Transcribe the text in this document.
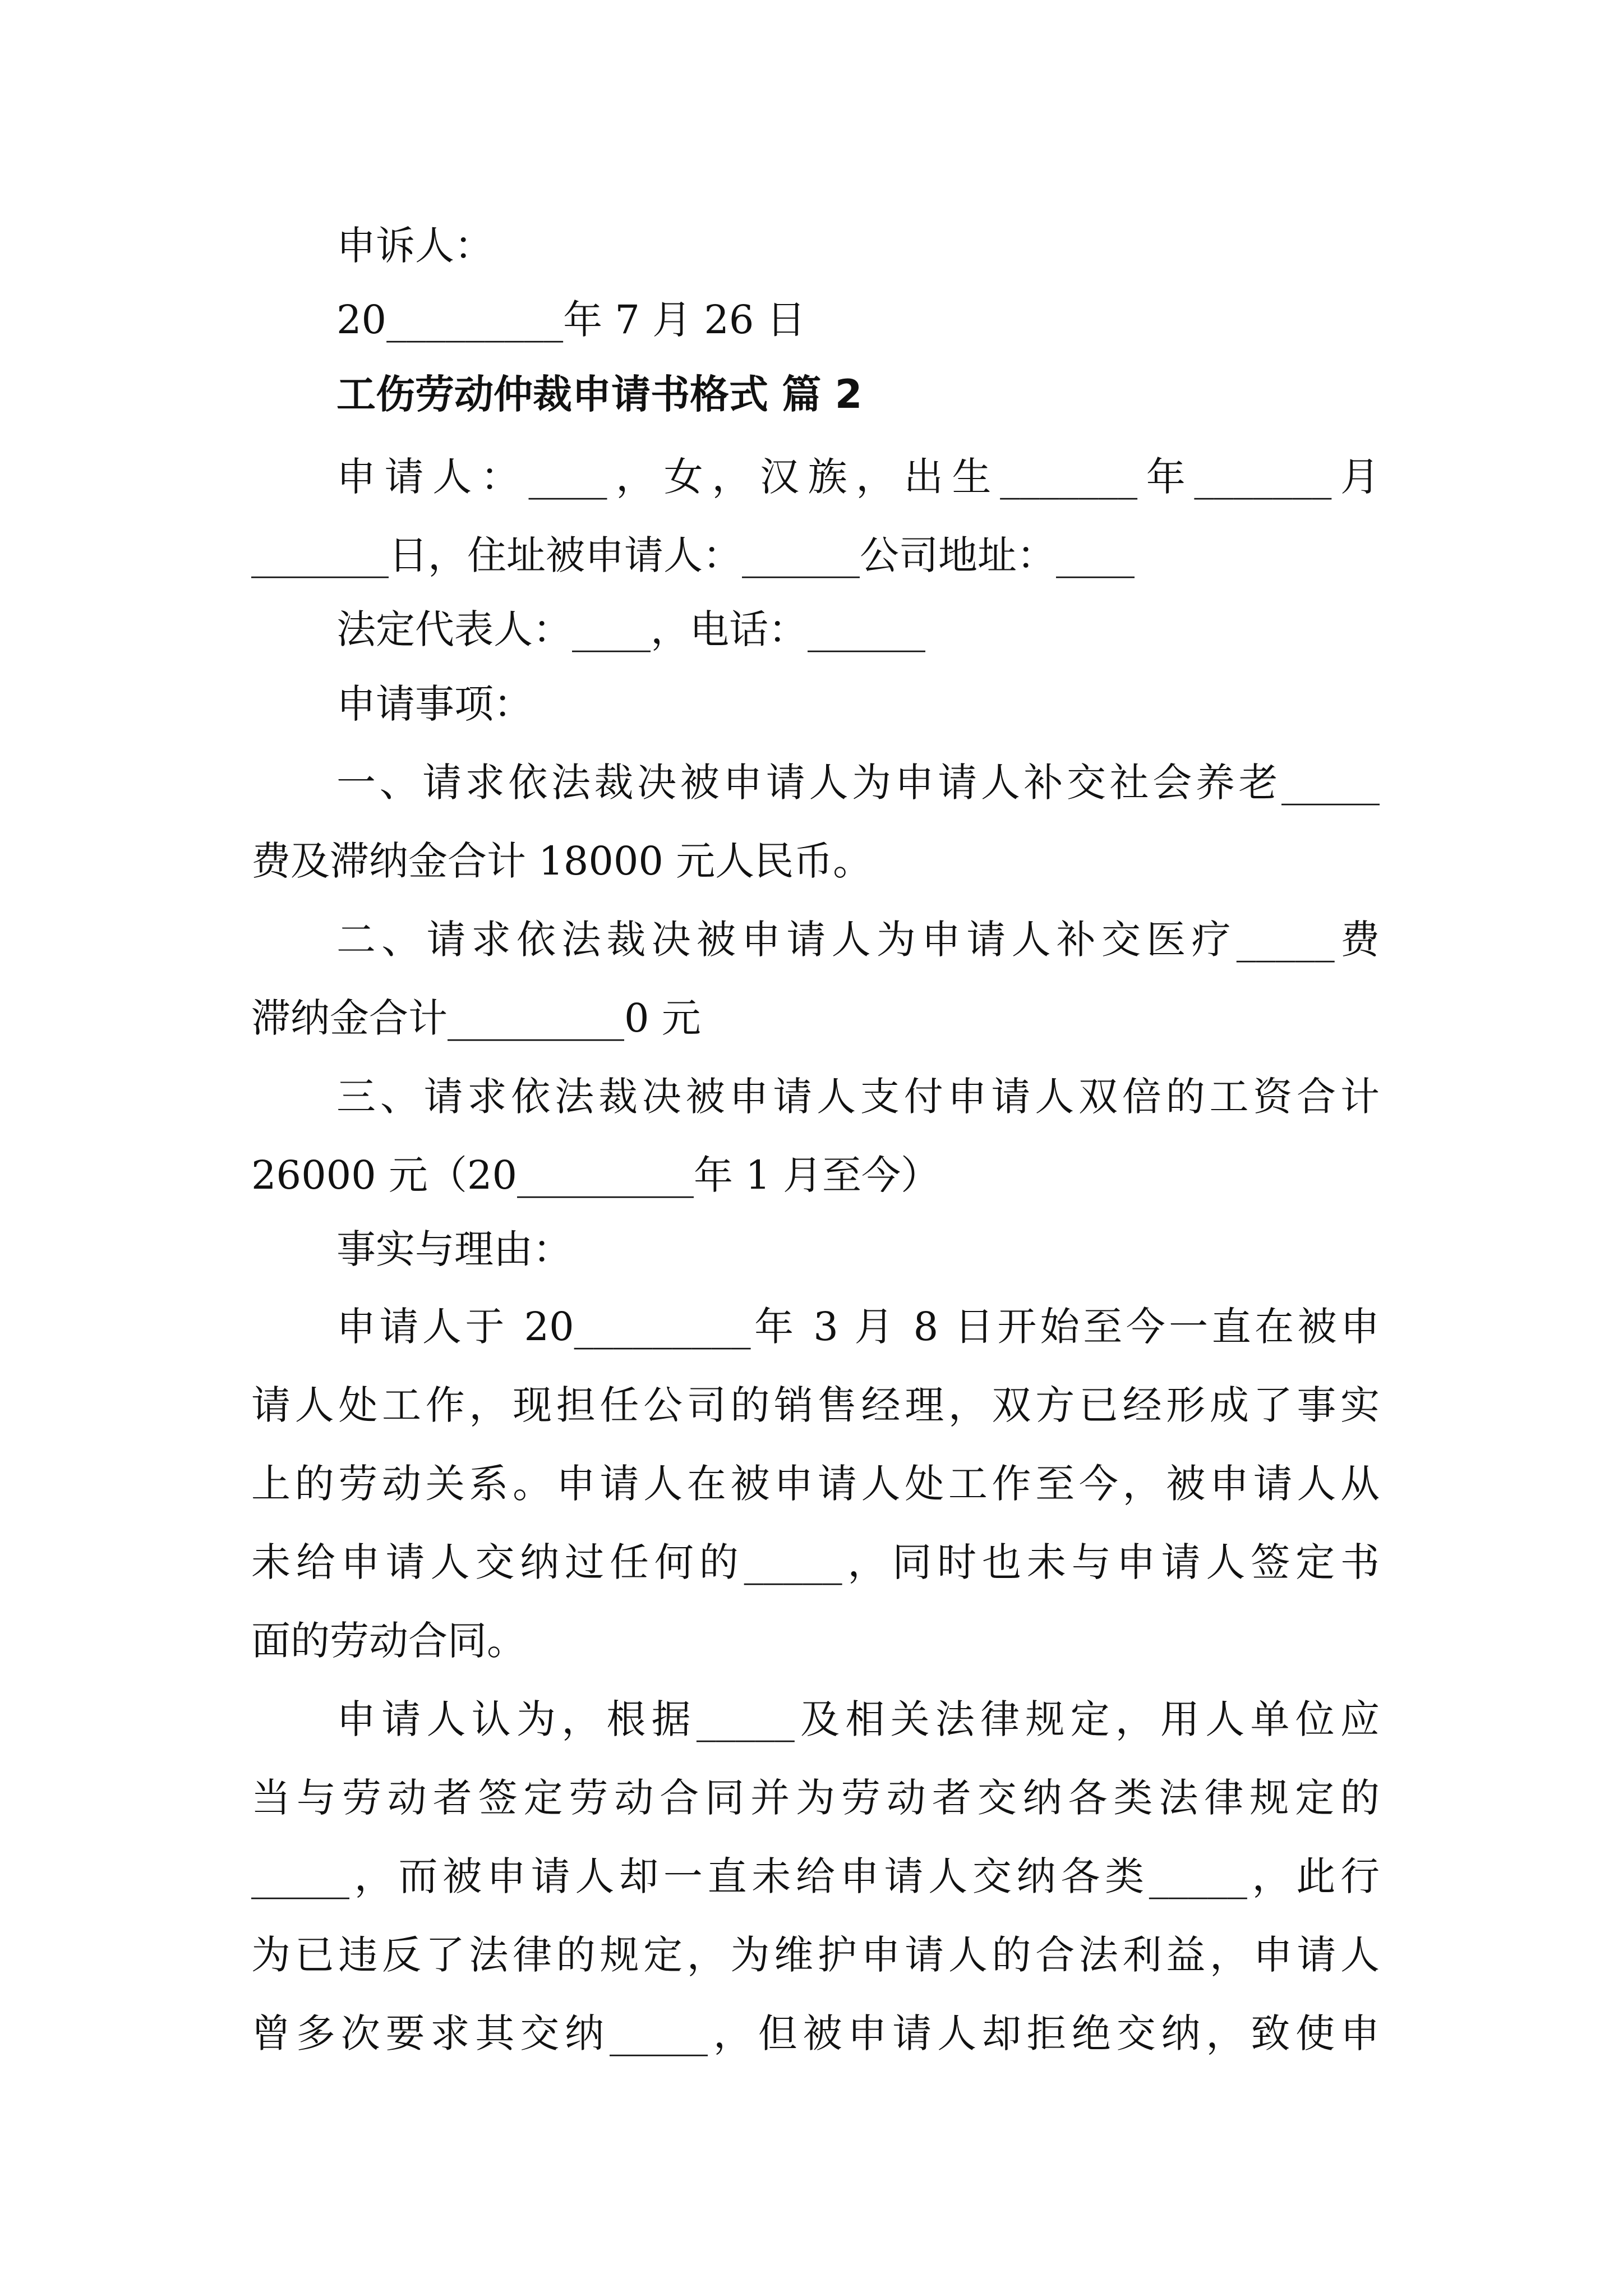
申诉人：
20_________年 7 月 26 日
工伤劳动仲裁申请书格式 篇 2
申请人：____，女，汉族，出生_______年_______月
_______日，住址被申请人：______公司地址：____
法定代表人：____，电话：______
申请事项：
一、请求依法裁决被申请人为申请人补交社会养老_____
费及滞纳金合计 18000 元人民币。
二、请求依法裁决被申请人为申请人补交医疗_____费
滞纳金合计_________0 元
三、请求依法裁决被申请人支付申请人双倍的工资合计
26000 元（20_________年 1 月至今）
事实与理由：
申请人于 20_________年 3 月 8 日开始至今一直在被申
请人处工作，现担任公司的销售经理，双方已经形成了事实
上的劳动关系。申请人在被申请人处工作至今，被申请人从
未给申请人交纳过任何的_____，同时也未与申请人签定书
面的劳动合同。
申请人认为，根据_____及相关法律规定，用人单位应
当与劳动者签定劳动合同并为劳动者交纳各类法律规定的
_____，而被申请人却一直未给申请人交纳各类_____，此行
为已违反了法律的规定，为维护申请人的合法利益，申请人
曾多次要求其交纳_____，但被申请人却拒绝交纳，致使申
